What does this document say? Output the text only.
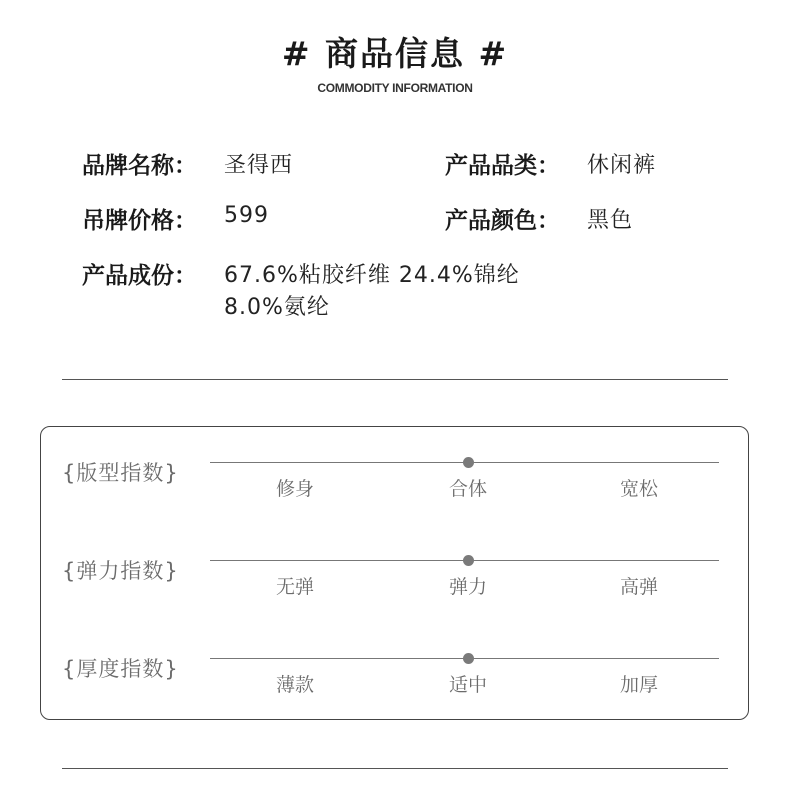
# 商品信息 #
COMMODITY INFORMATION
品牌名称： 圣得西	产品品类： 休闲裤
吊牌价格： 599	产品颜色： 黑色
产品成份： 67.6%粘胶纤维 24.4%锦纶
8.0%氨纶
{版型指数}
修身	合体	宽松
{弹力指数}
无弹	弹力	高弹
{厚度指数}
薄款	适中	加厚
